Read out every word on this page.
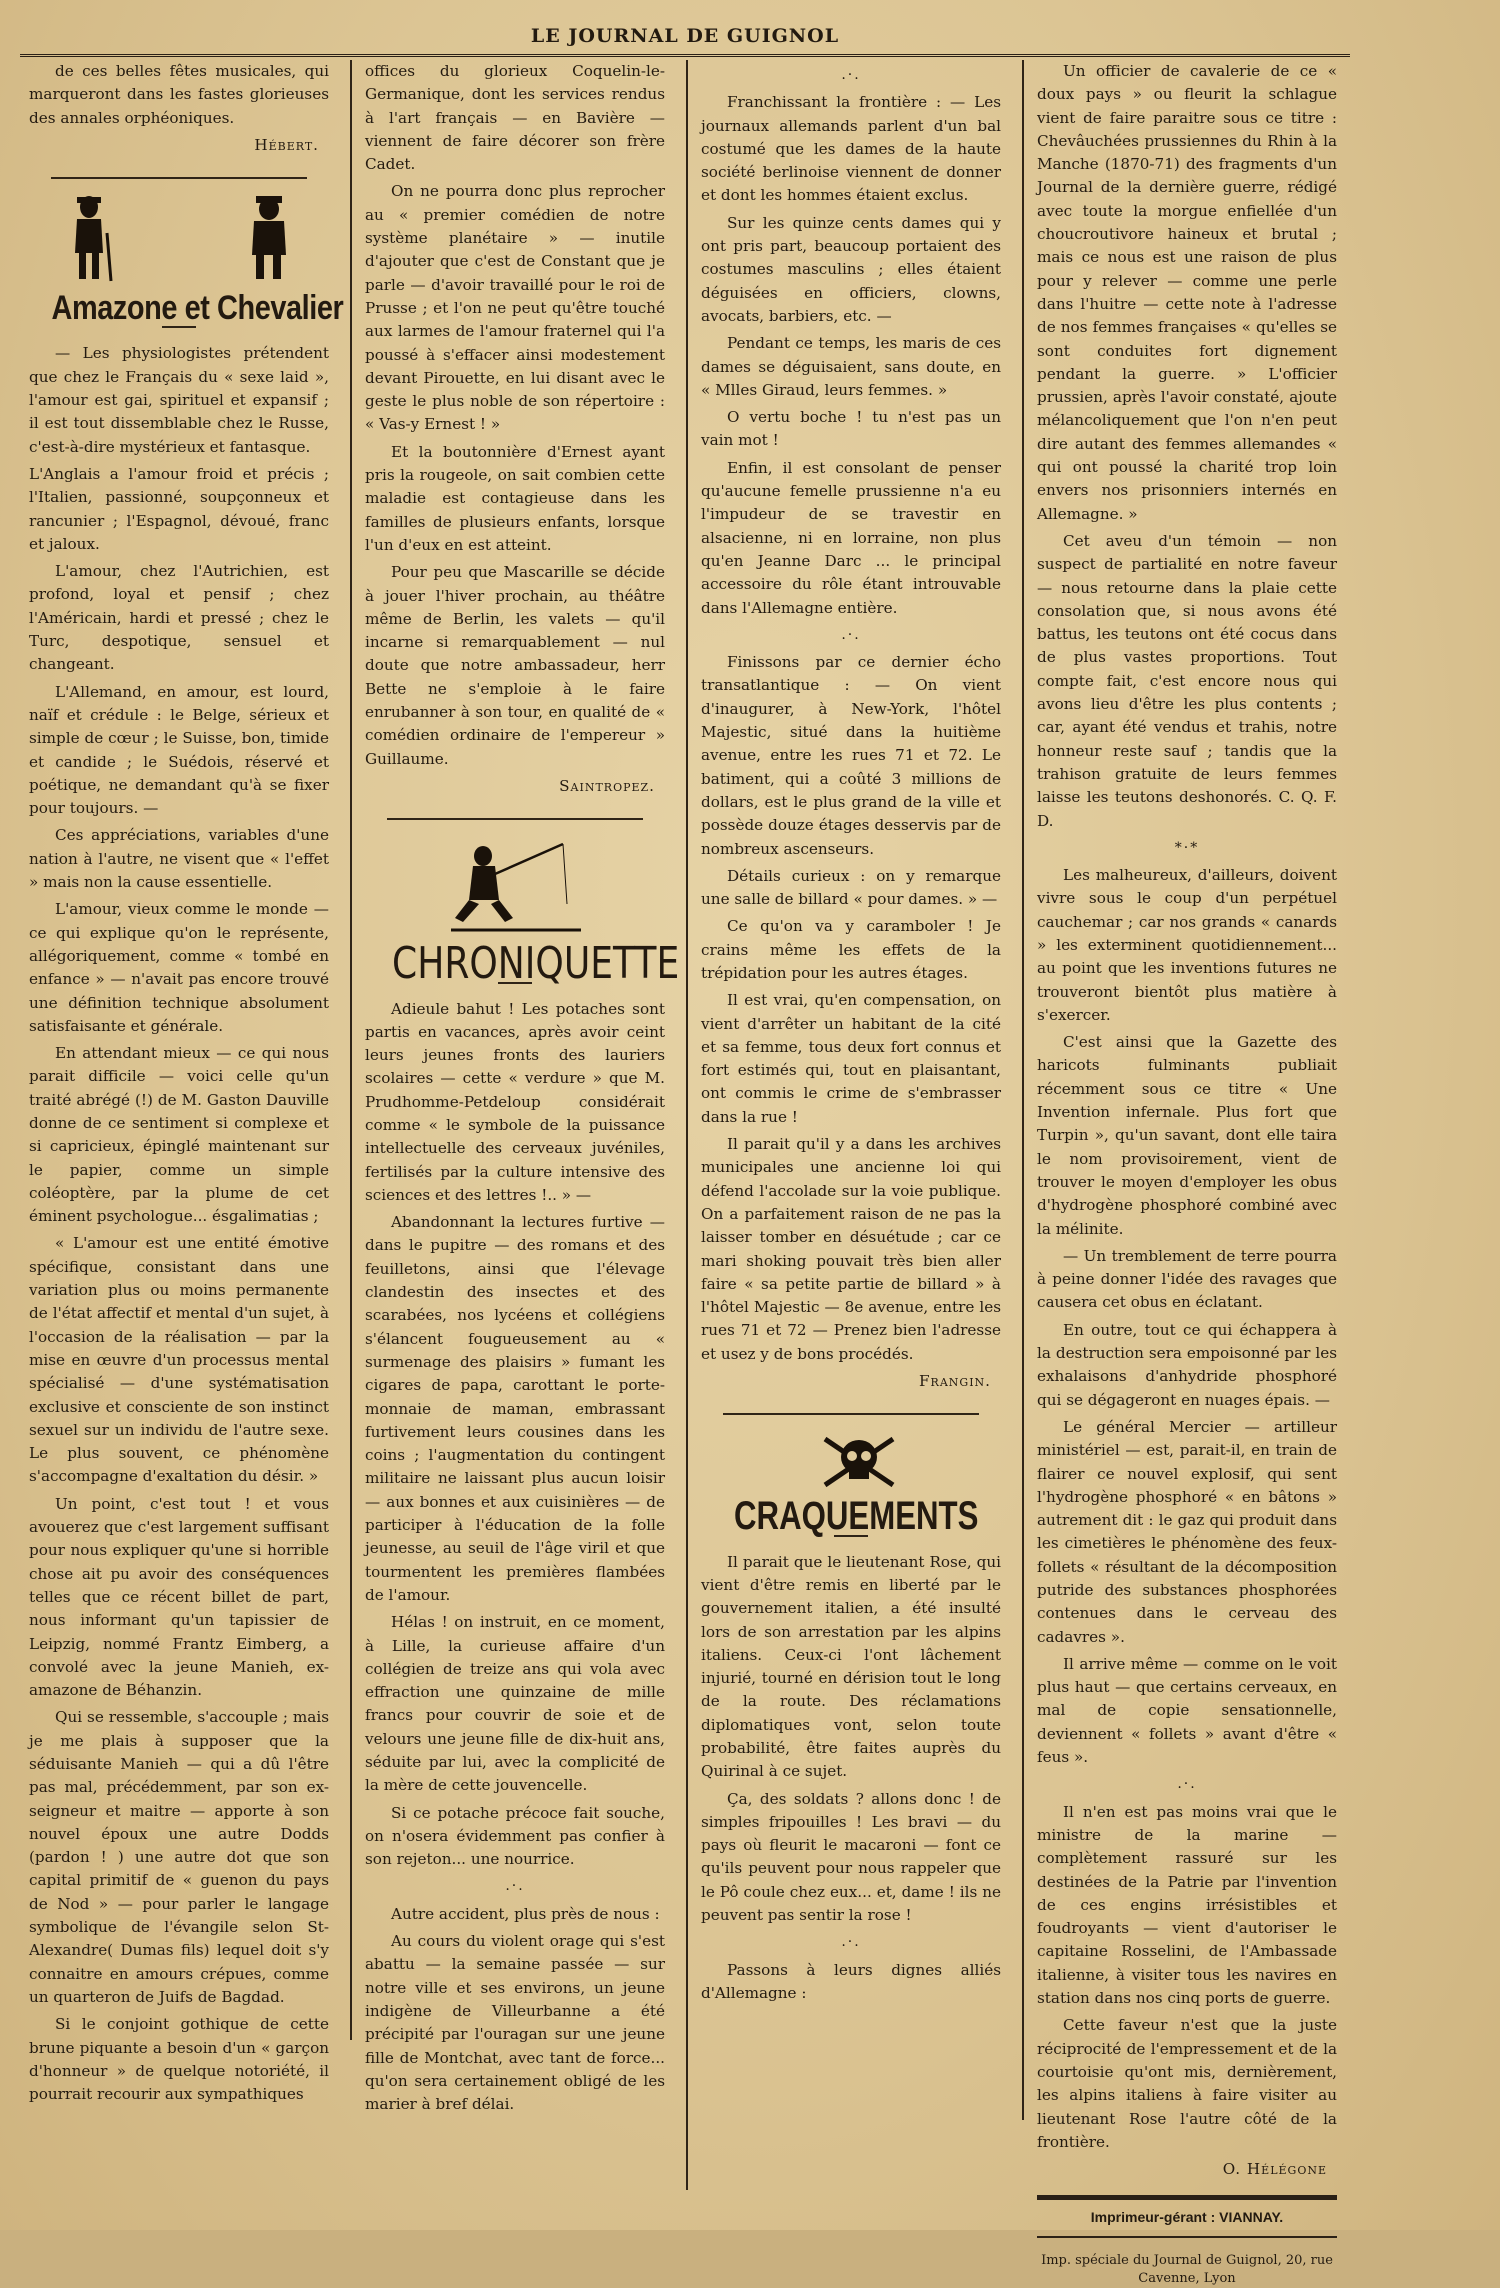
LE JOURNAL DE GUIGNOL

de ces belles fêtes musicales, qui marqueront dans les fastes glorieuses des annales orphéoniques.

Hébert.
Amazone et Chevalier

— Les physiologistes prétendent que chez le Français du « sexe laid », l'amour est gai, spirituel et expansif ; il est tout dissemblable chez le Russe, c'est-à-dire mystérieux et fantasque.

L'Anglais a l'amour froid et précis ; l'Italien, passionné, soupçonneux et rancunier ; l'Espagnol, dévoué, franc et jaloux.

L'amour, chez l'Autrichien, est profond, loyal et pensif ; chez l'Américain, hardi et pressé ; chez le Turc, despotique, sensuel et changeant.

L'Allemand, en amour, est lourd, naïf et crédule : le Belge, sérieux et simple de cœur ; le Suisse, bon, timide et candide ; le Suédois, réservé et poétique, ne demandant qu'à se fixer pour toujours. —

Ces appréciations, variables d'une nation à l'autre, ne visent que « l'effet » mais non la cause essentielle.

L'amour, vieux comme le monde — ce qui explique qu'on le représente, allégoriquement, comme « tombé en enfance » — n'avait pas encore trouvé une définition technique absolument satisfaisante et générale.

En attendant mieux — ce qui nous parait difficile — voici celle qu'un traité abrégé (!) de M. Gaston Dauville donne de ce sentiment si complexe et si capricieux, épinglé maintenant sur le papier, comme un simple coléoptère, par la plume de cet éminent psychologue... ésgalimatias ;

« L'amour est une entité émotive spécifique, consistant dans une variation plus ou moins permanente de l'état affectif et mental d'un sujet, à l'occasion de la réalisation — par la mise en œuvre d'un processus mental spécialisé — d'une systématisation exclusive et consciente de son instinct sexuel sur un individu de l'autre sexe. Le plus souvent, ce phénomène s'accompagne d'exaltation du désir. »

Un point, c'est tout ! et vous avouerez que c'est largement suffisant pour nous expliquer qu'une si horrible chose ait pu avoir des conséquences telles que ce récent billet de part, nous informant qu'un tapissier de Leipzig, nommé Frantz Eimberg, a convolé avec la jeune Manieh, ex-amazone de Béhanzin.

Qui se ressemble, s'accouple ; mais je me plais à supposer que la séduisante Manieh — qui a dû l'être pas mal, précédemment, par son ex-seigneur et maitre — apporte à son nouvel époux une autre Dodds (pardon ! ) une autre dot que son capital primitif de « guenon du pays de Nod » — pour parler le langage symbolique de l'évangile selon St-Alexandre( Dumas fils) lequel doit s'y connaitre en amours crépues, comme un quarteron de Juifs de Bagdad.

Si le conjoint gothique de cette brune piquante a besoin d'un « garçon d'honneur » de quelque notoriété, il pourrait recourir aux sympathiques

offices du glorieux Coquelin-le-Germanique, dont les services rendus à l'art français — en Bavière — viennent de faire décorer son frère Cadet.

On ne pourra donc plus reprocher au « premier comédien de notre système planétaire » — inutile d'ajouter que c'est de Constant que je parle — d'avoir travaillé pour le roi de Prusse ; et l'on ne peut qu'être touché aux larmes de l'amour fraternel qui l'a poussé à s'effacer ainsi modestement devant Pirouette, en lui disant avec le geste le plus noble de son répertoire : « Vas-y Ernest ! »

Et la boutonnière d'Ernest ayant pris la rougeole, on sait combien cette maladie est contagieuse dans les familles de plusieurs enfants, lorsque l'un d'eux en est atteint.

Pour peu que Mascarille se décide à jouer l'hiver prochain, au théâtre même de Berlin, les valets — qu'il incarne si remarquablement — nul doute que notre ambassadeur, herr Bette ne s'emploie à le faire enrubanner à son tour, en qualité de « comédien ordinaire de l'empereur » Guillaume.

Saintropez.
CHRONIQUETTE

Adieule bahut ! Les potaches sont partis en vacances, après avoir ceint leurs jeunes fronts des lauriers scolaires — cette « verdure » que M. Prudhomme-Petdeloup considérait comme « le symbole de la puissance intellectuelle des cerveaux juvéniles, fertilisés par la culture intensive des sciences et des lettres !.. » —

Abandonnant la lectures furtive — dans le pupitre — des romans et des feuilletons, ainsi que l'élevage clandestin des insectes et des scarabées, nos lycéens et collégiens s'élancent fougueusement au « surmenage des plaisirs » fumant les cigares de papa, carottant le porte-monnaie de maman, embrassant furtivement leurs cousines dans les coins ; l'augmentation du contingent militaire ne laissant plus aucun loisir — aux bonnes et aux cuisinières — de participer à l'éducation de la folle jeunesse, au seuil de l'âge viril et que tourmentent les premières flambées de l'amour.

Hélas ! on instruit, en ce moment, à Lille, la curieuse affaire d'un collégien de treize ans qui vola avec effraction une quinzaine de mille francs pour couvrir de soie et de velours une jeune fille de dix-huit ans, séduite par lui, avec la complicité de la mère de cette jouvencelle.

Si ce potache précoce fait souche, on n'osera évidemment pas confier à son rejeton... une nourrice.

.·.

Autre accident, plus près de nous :

Au cours du violent orage qui s'est abattu — la semaine passée — sur notre ville et ses environs, un jeune indigène de Villeurbanne a été précipité par l'ouragan sur une jeune fille de Montchat, avec tant de force... qu'on sera certainement obligé de les marier à bref délai.

.·.

Franchissant la frontière : — Les journaux allemands parlent d'un bal costumé que les dames de la haute société berlinoise viennent de donner et dont les hommes étaient exclus.

Sur les quinze cents dames qui y ont pris part, beaucoup portaient des costumes masculins ; elles étaient déguisées en officiers, clowns, avocats, barbiers, etc. —

Pendant ce temps, les maris de ces dames se déguisaient, sans doute, en « Mlles Giraud, leurs femmes. »

O vertu boche ! tu n'est pas un vain mot !

Enfin, il est consolant de penser qu'aucune femelle prussienne n'a eu l'impudeur de se travestir en alsacienne, ni en lorraine, non plus qu'en Jeanne Darc ... le principal accessoire du rôle étant introuvable dans l'Allemagne entière.

.·.

Finissons par ce dernier écho transatlantique : — On vient d'inaugurer, à New-York, l'hôtel Majestic, situé dans la huitième avenue, entre les rues 71 et 72. Le batiment, qui a coûté 3 millions de dollars, est le plus grand de la ville et possède douze étages desservis par de nombreux ascenseurs.

Détails curieux : on y remarque une salle de billard « pour dames. » —

Ce qu'on va y caramboler ! Je crains même les effets de la trépidation pour les autres étages.

Il est vrai, qu'en compensation, on vient d'arrêter un habitant de la cité et sa femme, tous deux fort connus et fort estimés qui, tout en plaisantant, ont commis le crime de s'embrasser dans la rue !

Il parait qu'il y a dans les archives municipales une ancienne loi qui défend l'accolade sur la voie publique. On a parfaitement raison de ne pas la laisser tomber en désuétude ; car ce mari shoking pouvait très bien aller faire « sa petite partie de billard » à l'hôtel Majestic — 8e avenue, entre les rues 71 et 72 — Prenez bien l'adresse et usez y de bons procédés.

Frangin.
CRAQUEMENTS

Il parait que le lieutenant Rose, qui vient d'être remis en liberté par le gouvernement italien, a été insulté lors de son arrestation par les alpins italiens. Ceux-ci l'ont lâchement injurié, tourné en dérision tout le long de la route. Des réclamations diplomatiques vont, selon toute probabilité, être faites auprès du Quirinal à ce sujet.

Ça, des soldats ? allons donc ! de simples fripouilles ! Les bravi — du pays où fleurit le macaroni — font ce qu'ils peuvent pour nous rappeler que le Pô coule chez eux... et, dame ! ils ne peuvent pas sentir la rose !

.·.

Passons à leurs dignes alliés d'Allemagne :

Un officier de cavalerie de ce « doux pays » ou fleurit la schlague vient de faire paraitre sous ce titre : Chevâuchées prussiennes du Rhin à la Manche (1870-71) des fragments d'un Journal de la dernière guerre, rédigé avec toute la morgue enfiellée d'un choucroutivore haineux et brutal ; mais ce nous est une raison de plus pour y relever — comme une perle dans l'huitre — cette note à l'adresse de nos femmes françaises « qu'elles se sont conduites fort dignement pendant la guerre. » L'officier prussien, après l'avoir constaté, ajoute mélancoliquement que l'on n'en peut dire autant des femmes allemandes « qui ont poussé la charité trop loin envers nos prisonniers internés en Allemagne. »

Cet aveu d'un témoin — non suspect de partialité en notre faveur — nous retourne dans la plaie cette consolation que, si nous avons été battus, les teutons ont été cocus dans de plus vastes proportions. Tout compte fait, c'est encore nous qui avons lieu d'être les plus contents ; car, ayant été vendus et trahis, notre honneur reste sauf ; tandis que la trahison gratuite de leurs femmes laisse les teutons deshonorés. C. Q. F. D.

*·*

Les malheureux, d'ailleurs, doivent vivre sous le coup d'un perpétuel cauchemar ; car nos grands « canards » les exterminent quotidiennement... au point que les inventions futures ne trouveront bientôt plus matière à s'exercer.

C'est ainsi que la Gazette des haricots fulminants publiait récemment sous ce titre « Une Invention infernale. Plus fort que Turpin », qu'un savant, dont elle taira le nom provisoirement, vient de trouver le moyen d'employer les obus d'hydrogène phosphoré combiné avec la mélinite.

— Un tremblement de terre pourra à peine donner l'idée des ravages que causera cet obus en éclatant.

En outre, tout ce qui échappera à la destruction sera empoisonné par les exhalaisons d'anhydride phosphoré qui se dégageront en nuages épais. —

Le général Mercier — artilleur ministériel — est, parait-il, en train de flairer ce nouvel explosif, qui sent l'hydrogène phosphoré « en bâtons » autrement dit : le gaz qui produit dans les cimetières le phénomène des feux-follets « résultant de la décomposition putride des substances phosphorées contenues dans le cerveau des cadavres ».

Il arrive même — comme on le voit plus haut — que certains cerveaux, en mal de copie sensationnelle, deviennent « follets » avant d'être « feus ».

.·.

Il n'en est pas moins vrai que le ministre de la marine — complètement rassuré sur les destinées de la Patrie par l'invention de ces engins irrésistibles et foudroyants — vient d'autoriser le capitaine Rosselini, de l'Ambassade italienne, à visiter tous les navires en station dans nos cinq ports de guerre.

Cette faveur n'est que la juste réciprocité de l'empressement et de la courtoisie qu'ont mis, dernièrement, les alpins italiens à faire visiter au lieutenant Rose l'autre côté de la frontière.

O. Hélégone
Imprimeur-gérant : VIANNAY.
Imp. spéciale du Journal de Guignol, 20, rue Cavenne, Lyon
